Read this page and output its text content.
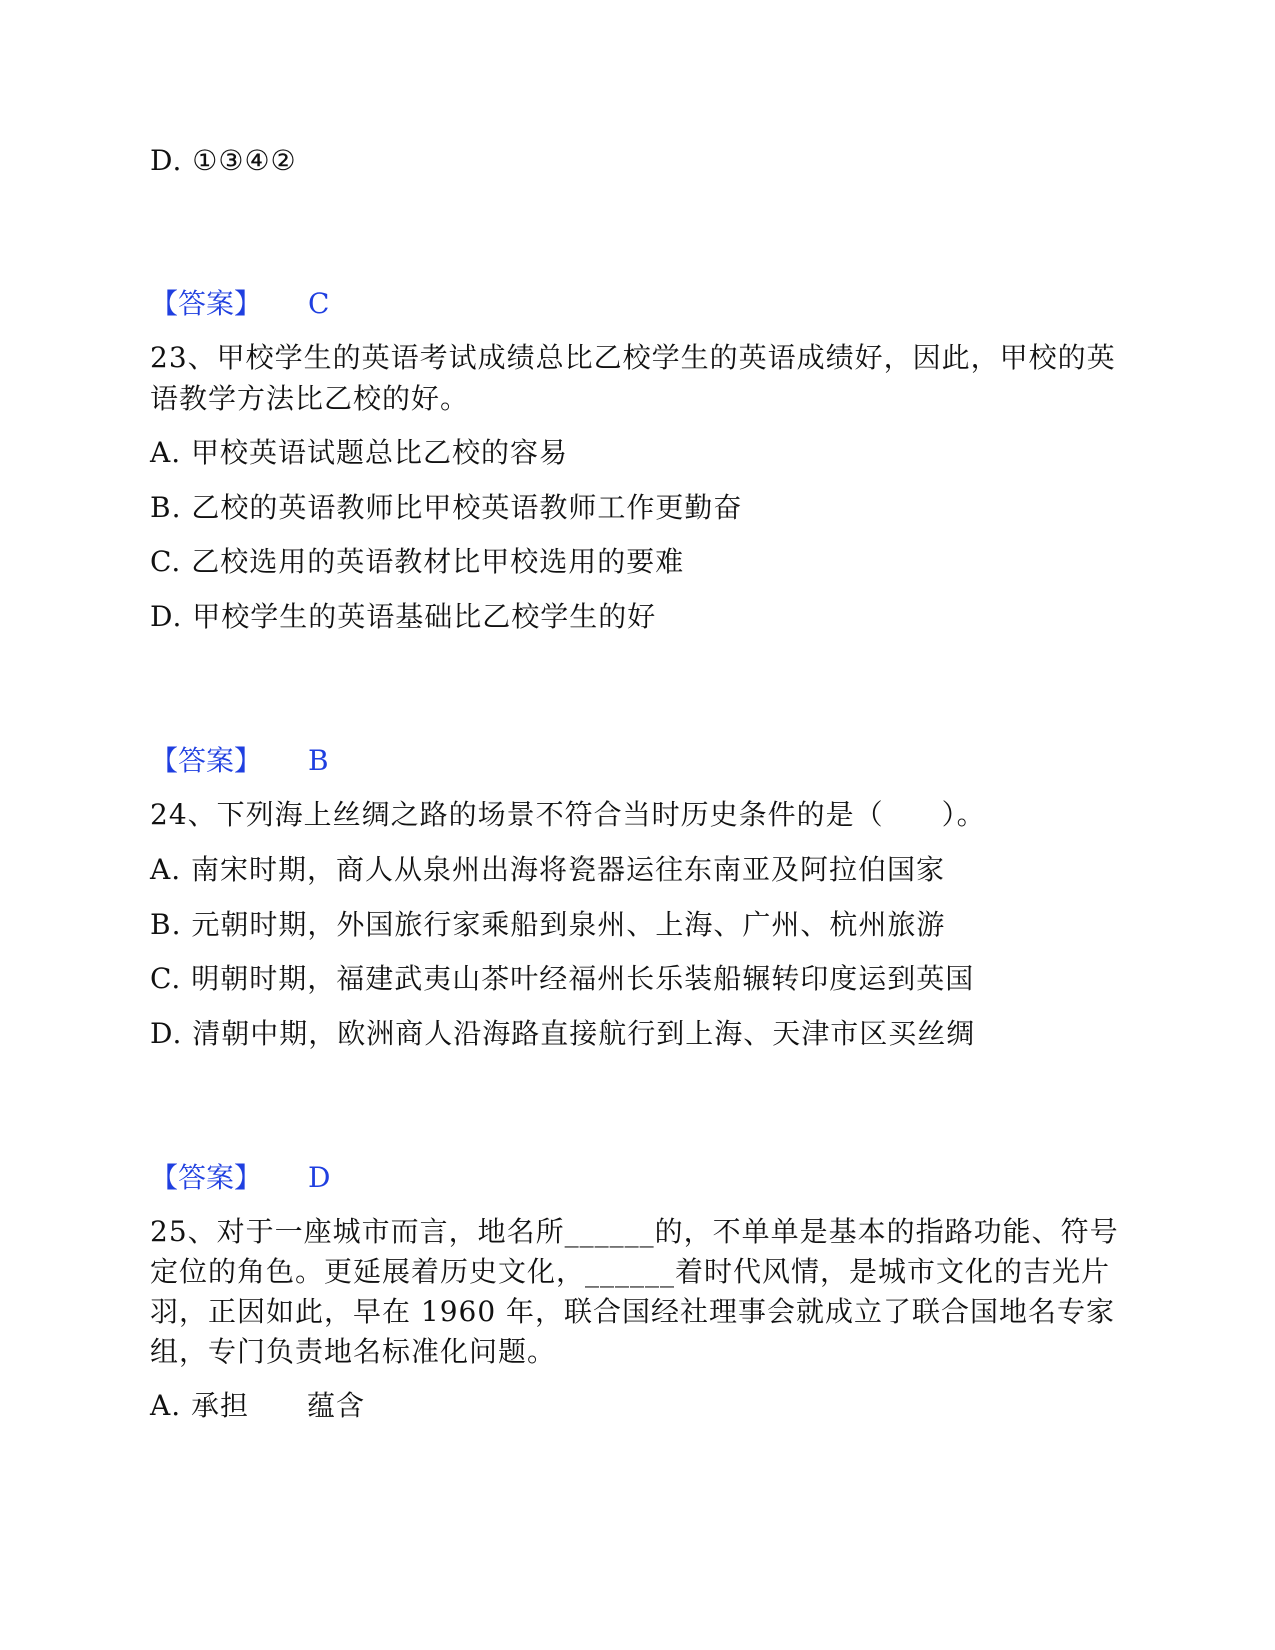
D. ①③④②
【答案】 C
23、甲校学生的英语考试成绩总比乙校学生的英语成绩好，因此，甲校的英
语教学方法比乙校的好。
A. 甲校英语试题总比乙校的容易
B. 乙校的英语教师比甲校英语教师工作更勤奋
C. 乙校选用的英语教材比甲校选用的要难
D. 甲校学生的英语基础比乙校学生的好
【答案】 B
24、下列海上丝绸之路的场景不符合当时历史条件的是（　　）。
A. 南宋时期，商人从泉州出海将瓷器运往东南亚及阿拉伯国家
B. 元朝时期，外国旅行家乘船到泉州、上海、广州、杭州旅游
C. 明朝时期，福建武夷山茶叶经福州长乐装船辗转印度运到英国
D. 清朝中期，欧洲商人沿海路直接航行到上海、天津市区买丝绸
【答案】 D
25、对于一座城市而言，地名所______的，不单单是基本的指路功能、符号
定位的角色。更延展着历史文化，______着时代风情，是城市文化的吉光片
羽，正因如此，早在 1960 年，联合国经社理事会就成立了联合国地名专家
组，专门负责地名标准化问题。
A. 承担　　蕴含
